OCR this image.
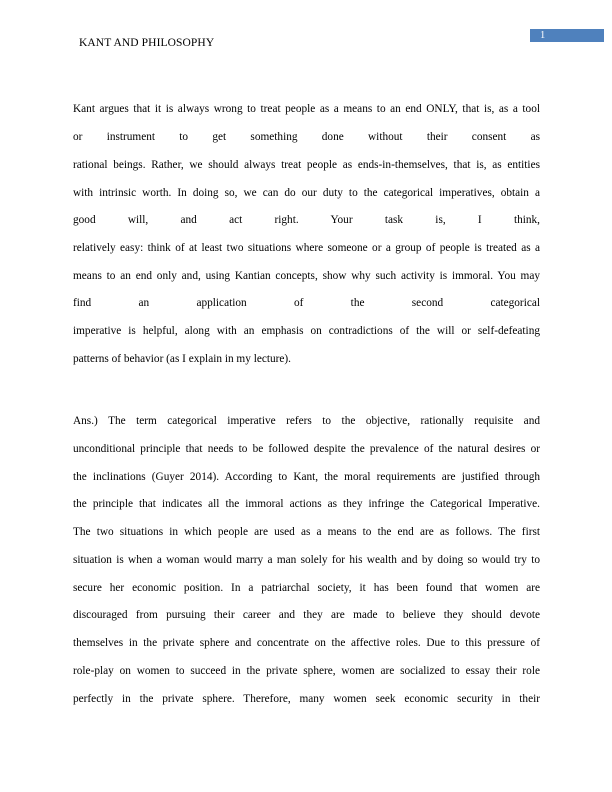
KANT AND PHILOSOPHY
1
Kant argues that it is always wrong to treat people as a means to an end ONLY, that is, as a tool
or instrument to get something done without their consent as
rational beings. Rather, we should always treat people as ends-in-themselves, that is, as entities
with intrinsic worth. In doing so, we can do our duty to the categorical imperatives, obtain a
good will, and act right. Your task is, I think,
relatively easy: think of at least two situations where someone or a group of people is treated as a
means to an end only and, using Kantian concepts, show why such activity is immoral. You may
find an application of the second categorical
imperative is helpful, along with an emphasis on contradictions of the will or self-defeating
patterns of behavior (as I explain in my lecture).
Ans.) The term categorical imperative refers to the objective, rationally requisite and
unconditional principle that needs to be followed despite the prevalence of the natural desires or
the inclinations (Guyer 2014). According to Kant, the moral requirements are justified through
the principle that indicates all the immoral actions as they infringe the Categorical Imperative.
The two situations in which people are used as a means to the end are as follows. The first
situation is when a woman would marry a man solely for his wealth and by doing so would try to
secure her economic position. In a patriarchal society, it has been found that women are
discouraged from pursuing their career and they are made to believe they should devote
themselves in the private sphere and concentrate on the affective roles. Due to this pressure of
role-play on women to succeed in the private sphere, women are socialized to essay their role
perfectly in the private sphere. Therefore, many women seek economic security in their
